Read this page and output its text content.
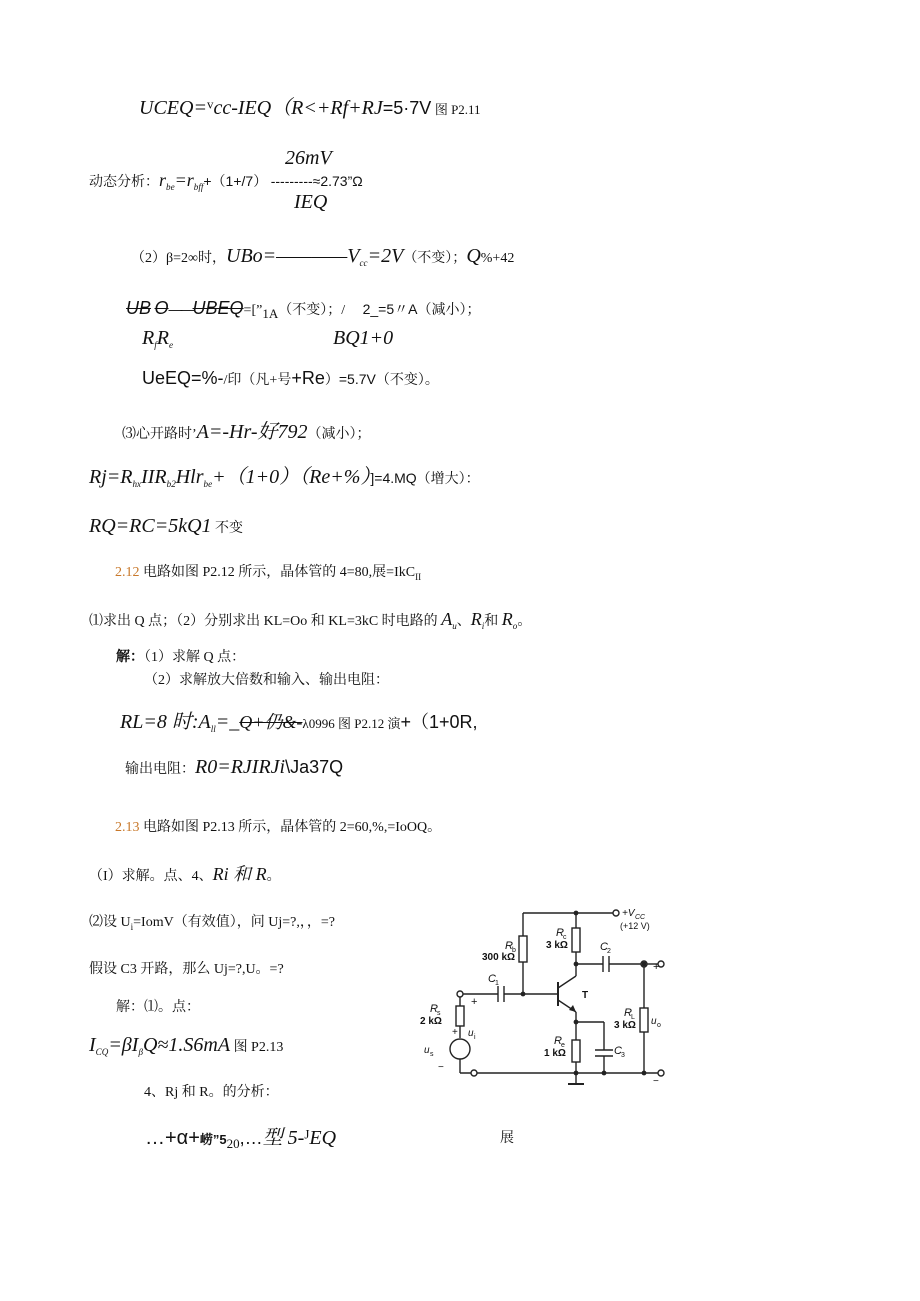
UCEQ=$^v$cc-IEQ（R<+Rf+RJ=5·7V 图 P2.11
26mV
动态分析：$r_{be}=r_{bff}+(1+/7)$ ---------≈2.73”Ω
IEQ
（2）β=2∞时，$UBo=————V_{cc}=2V$（不变）；Q%+42
UB $O——UBEQ=[”_{1A}$（不变）；/ 2_=5〃A（减小）；
$R_fR_e$	BQ1+0
UeEQ=%-/印（凡+号+Re）=5.7V（不变）。
⑶心开路时’A=-Hr-好792（减小）；
$Rj=R_{hx}IIR_{b2}Hlr_{be}+(1+0)(Re+\%)]=4.MQ$（增大）：
RQ=RC=5kQ1 不变
2.12 电路如图 P2.12 所示，晶体管的 4=80,展=IkC$_{II}$
⑴求出 Q 点；（2）分别求出 KL=Oo 和 KL=3kC 时电路的 $A_u$、$R_i$和 $R_o$。
解：（1）求解 Q 点：
（2）求解放大倍数和输入、输出电阻：
RL=8 时$:A_{ll}=\_Q+$仍&-λ0996 图 P2.12 演+（1+0R,
输出电阻：R0=RJIRJi\Ja37Q
2.13 电路如图 P2.13 所示，晶体管的 2=60,%,=IoOQ。
（I）求解。点、4、Ri 和 R。
⑵设 $U_i=IomV$（有效值），问 Uj=?,，，=?
假设 C3 开路，那么 Uj=?,U。=?
解：⑴。点：
$I_{CQ}=\beta I_\beta Q\approx 1.S6mA$ 图 P2.13
4、Rj 和 R。的分析：
…+α+崂$”5_{20},\dots$型 5-$^J$EQ	展
+V CC
(+12 V)
R b
300 kΩ
R c
3 kΩ	C 2
C 1
T
R s
2 kΩ
u i
u s
R e
1 kΩ	C 3
R L
3 kΩ u o
+
+
+
−
−
